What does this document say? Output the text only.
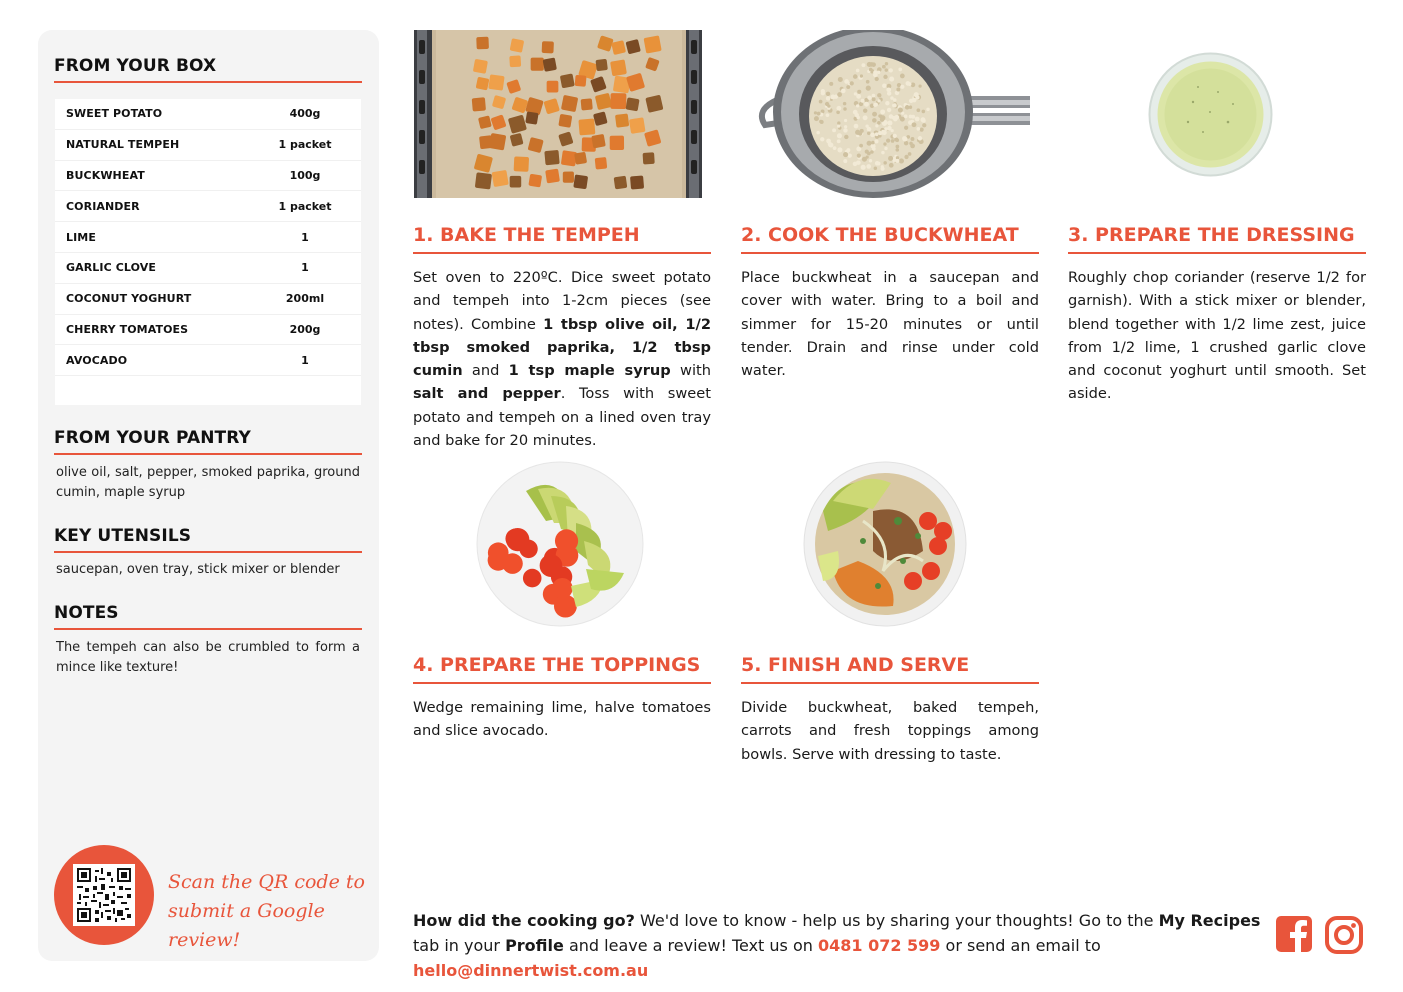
FROM YOUR BOX
SWEET POTATO	400g
NATURAL TEMPEH	1 packet
BUCKWHEAT	100g
CORIANDER	1 packet
LIME	1
GARLIC CLOVE	1
COCONUT YOGHURT	200ml
CHERRY TOMATOES	200g
AVOCADO	1
FROM YOUR PANTRY
olive oil, salt, pepper, smoked paprika, ground cumin, maple syrup
KEY UTENSILS
saucepan, oven tray, stick mixer or blender
NOTES
The tempeh can also be crumbled to form a mince like texture!
Scan the QR code to
submit a Google review!
1. BAKE THE TEMPEH
Set oven to 220ºC. Dice sweet potato and tempeh into 1-2cm pieces (see notes). Combine 1 tbsp olive oil, 1/2 tbsp smoked paprika, 1/2 tbsp cumin and 1 tsp maple syrup with salt and pepper. Toss with sweet potato and tempeh on a lined oven tray and bake for 20 minutes.
2. COOK THE BUCKWHEAT
Place buckwheat in a saucepan and cover with water. Bring to a boil and simmer for 15-20 minutes or until tender. Drain and rinse under cold water.
3. PREPARE THE DRESSING
Roughly chop coriander (reserve 1/2 for garnish). With a stick mixer or blender, blend together with 1/2 lime zest, juice from 1/2 lime, 1 crushed garlic clove and coconut yoghurt until smooth. Set aside.
4. PREPARE THE TOPPINGS
Wedge remaining lime, halve tomatoes and slice avocado.
5. FINISH AND SERVE
Divide buckwheat, baked tempeh, carrots and fresh toppings among bowls. Serve with dressing to taste.
How did the cooking go? We'd love to know - help us by sharing your thoughts! Go to the My Recipes tab in your Profile and leave a review! Text us on 0481 072 599 or send an email to hello@dinnertwist.com.au
